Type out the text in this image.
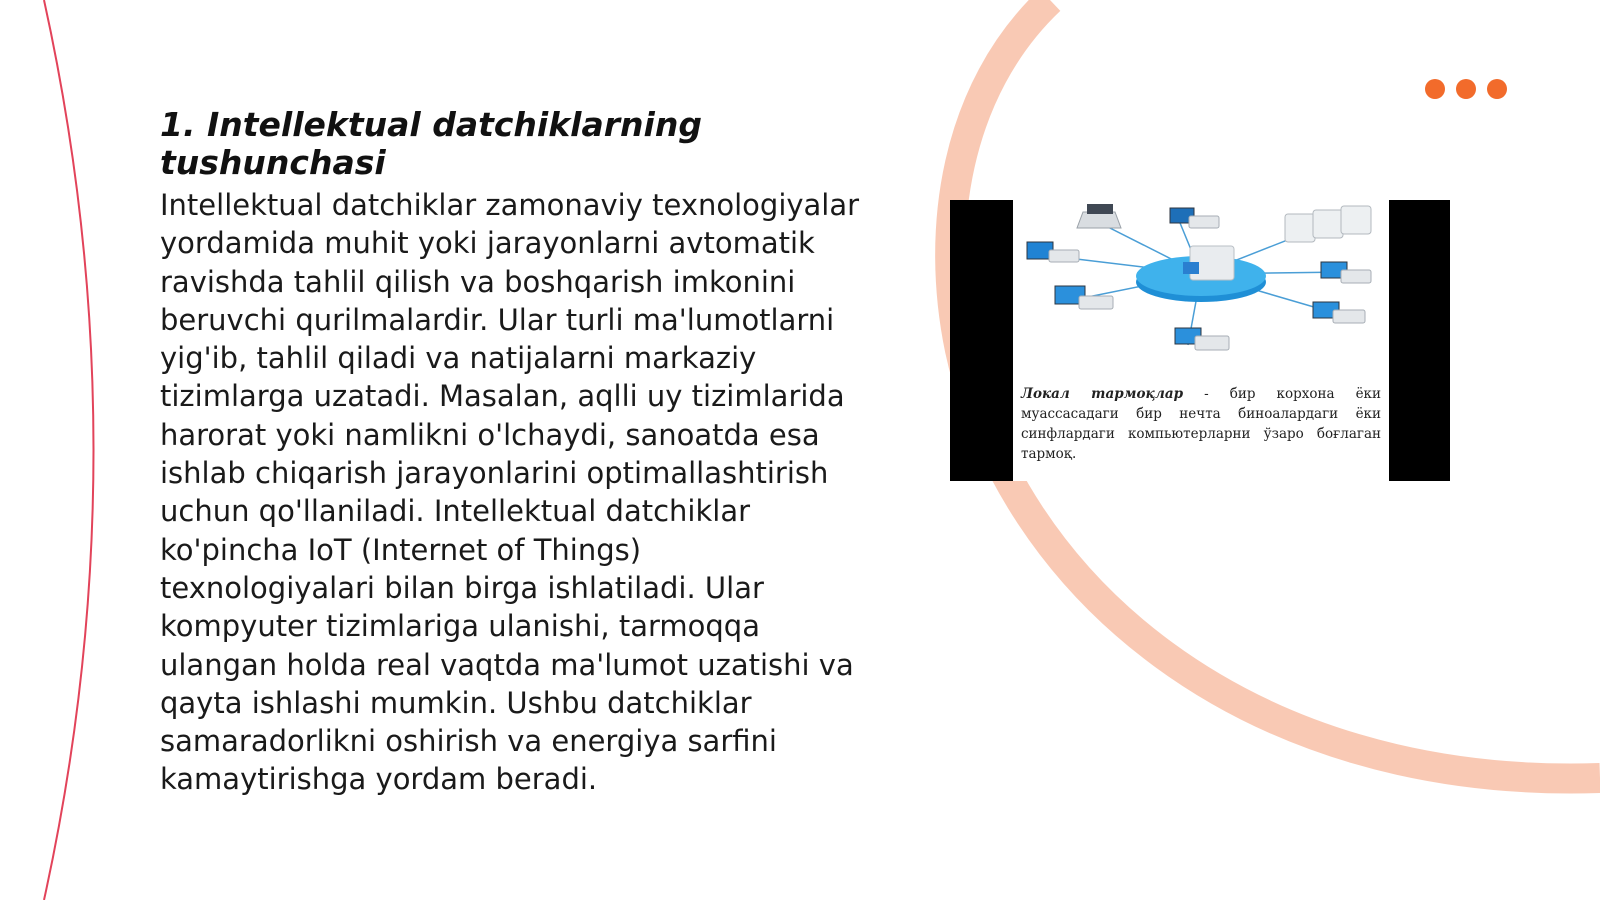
1. Intellektual datchiklarning tushunchasi

Intellektual datchiklar zamonaviy texnologiyalar yordamida muhit yoki jarayonlarni avtomatik ravishda tahlil qilish va boshqarish imkonini beruvchi qurilmalardir. Ular turli ma'lumotlarni yig'ib, tahlil qiladi va natijalarni markaziy tizimlarga uzatadi. Masalan, aqlli uy tizimlarida harorat yoki namlikni o'lchaydi, sanoatda esa ishlab chiqarish jarayonlarini optimallashtirish uchun qo'llaniladi. Intellektual datchiklar ko'pincha IoT (Internet of Things) texnologiyalari bilan birga ishlatiladi. Ular kompyuter tizimlariga ulanishi, tarmoqqa ulangan holda real vaqtda ma'lumot uzatishi va qayta ishlashi mumkin. Ushbu datchiklar samaradorlikni oshirish va energiya sarfini kamaytirishga yordam beradi.

Локал тармоқлар - бир корхона ёки муассасадаги бир нечта биноалардаги ёки синфлардаги компьютерларни ўзаро боғлаган тармоқ.
